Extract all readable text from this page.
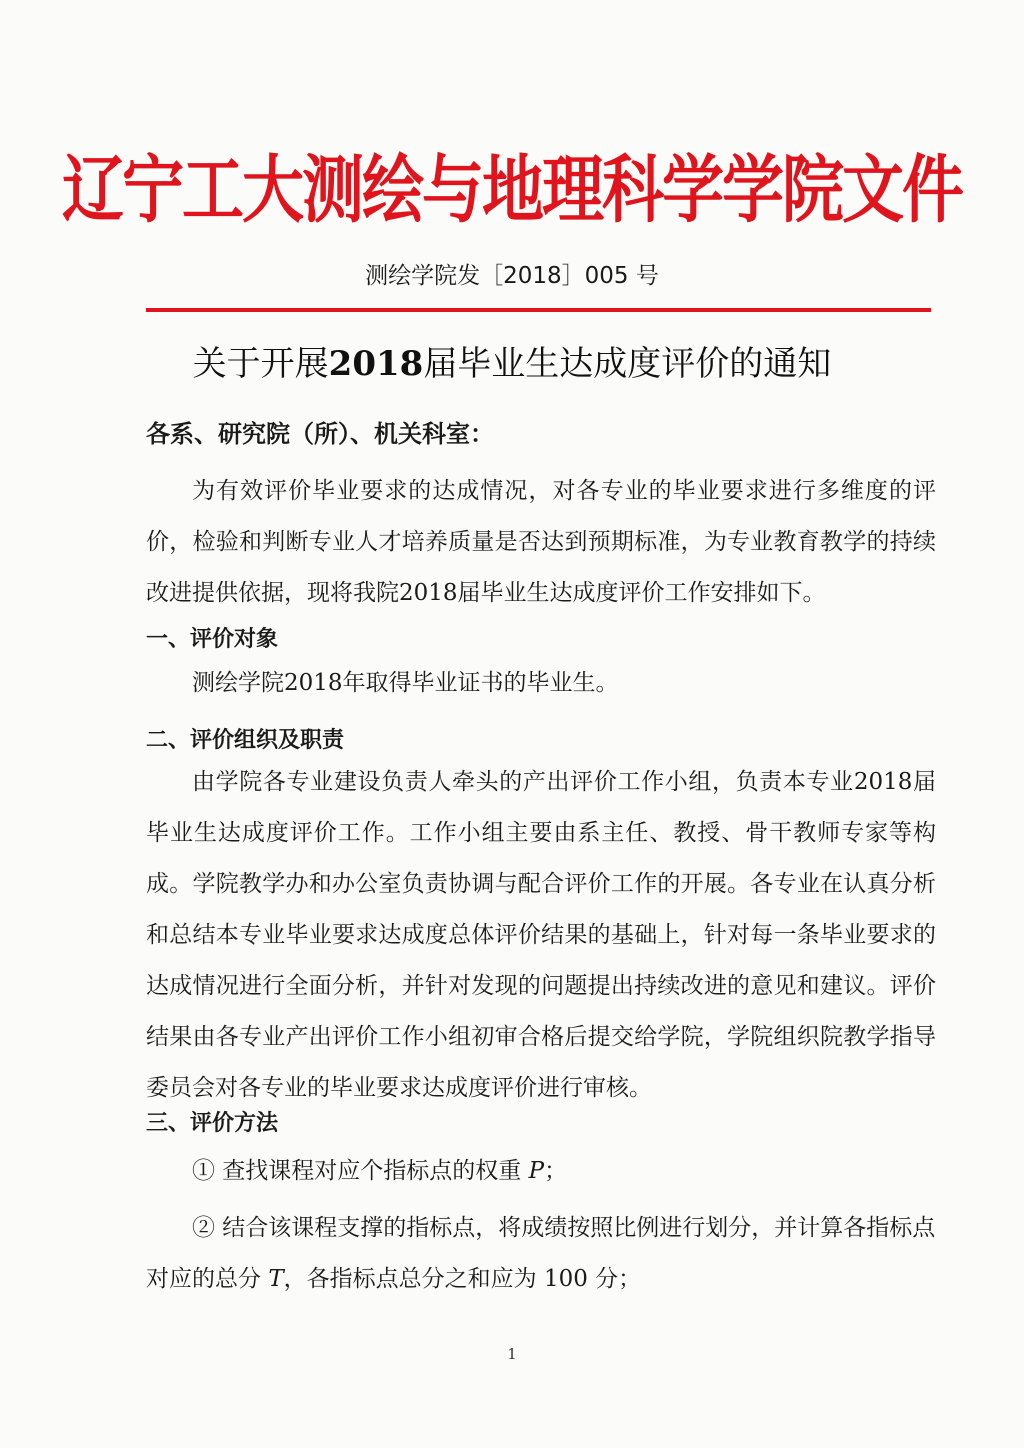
辽宁工大测绘与地理科学学院文件
测绘学院发［2018］005 号
关于开展2018届毕业生达成度评价的通知
各系、研究院（所）、机关科室：

为有效评价毕业要求的达成情况，对各专业的毕业要求进行多维度的评价，检验和判断专业人才培养质量是否达到预期标准，为专业教育教学的持续改进提供依据，现将我院2018届毕业生达成度评价工作安排如下。

一、评价对象

测绘学院2018年取得毕业证书的毕业生。

二、评价组织及职责

由学院各专业建设负责人牵头的产出评价工作小组，负责本专业2018届毕业生达成度评价工作。工作小组主要由系主任、教授、骨干教师专家等构成。学院教学办和办公室负责协调与配合评价工作的开展。各专业在认真分析和总结本专业毕业要求达成度总体评价结果的基础上，针对每一条毕业要求的达成情况进行全面分析，并针对发现的问题提出持续改进的意见和建议。评价结果由各专业产出评价工作小组初审合格后提交给学院，学院组织院教学指导委员会对各专业的毕业要求达成度评价进行审核。

三、评价方法

① 查找课程对应个指标点的权重 P；

② 结合该课程支撑的指标点，将成绩按照比例进行划分，并计算各指标点对应的总分 T，各指标点总分之和应为 100 分；

1
